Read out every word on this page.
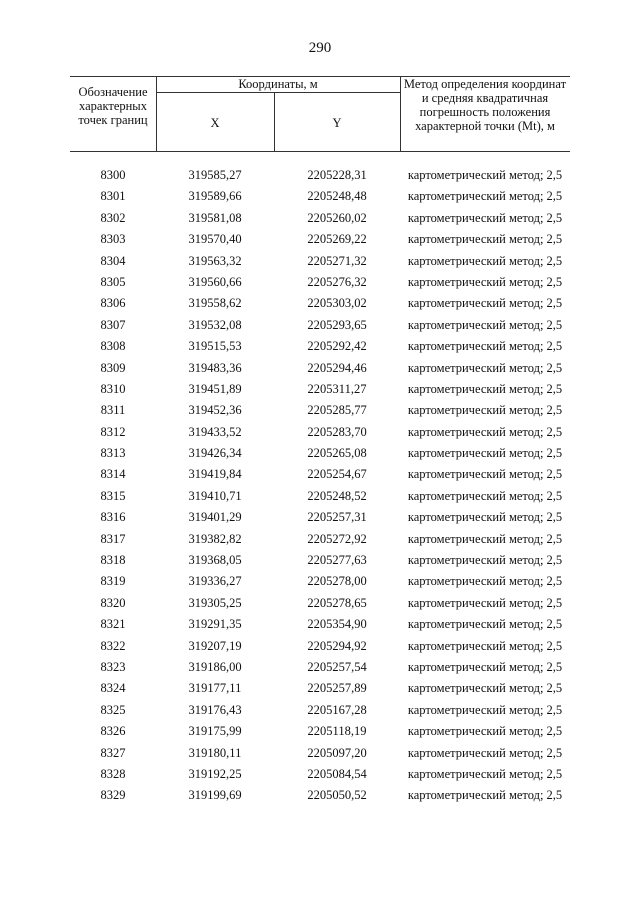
290
Обозначение характерных точек границ
Координаты, м
X	Y
Метод определения координат и средняя квадратичная погрешность положения характерной точки (Mt), м
8300	319585,27	2205228,31	картометрический метод; 2,5
8301	319589,66	2205248,48	картометрический метод; 2,5
8302	319581,08	2205260,02	картометрический метод; 2,5
8303	319570,40	2205269,22	картометрический метод; 2,5
8304	319563,32	2205271,32	картометрический метод; 2,5
8305	319560,66	2205276,32	картометрический метод; 2,5
8306	319558,62	2205303,02	картометрический метод; 2,5
8307	319532,08	2205293,65	картометрический метод; 2,5
8308	319515,53	2205292,42	картометрический метод; 2,5
8309	319483,36	2205294,46	картометрический метод; 2,5
8310	319451,89	2205311,27	картометрический метод; 2,5
8311	319452,36	2205285,77	картометрический метод; 2,5
8312	319433,52	2205283,70	картометрический метод; 2,5
8313	319426,34	2205265,08	картометрический метод; 2,5
8314	319419,84	2205254,67	картометрический метод; 2,5
8315	319410,71	2205248,52	картометрический метод; 2,5
8316	319401,29	2205257,31	картометрический метод; 2,5
8317	319382,82	2205272,92	картометрический метод; 2,5
8318	319368,05	2205277,63	картометрический метод; 2,5
8319	319336,27	2205278,00	картометрический метод; 2,5
8320	319305,25	2205278,65	картометрический метод; 2,5
8321	319291,35	2205354,90	картометрический метод; 2,5
8322	319207,19	2205294,92	картометрический метод; 2,5
8323	319186,00	2205257,54	картометрический метод; 2,5
8324	319177,11	2205257,89	картометрический метод; 2,5
8325	319176,43	2205167,28	картометрический метод; 2,5
8326	319175,99	2205118,19	картометрический метод; 2,5
8327	319180,11	2205097,20	картометрический метод; 2,5
8328	319192,25	2205084,54	картометрический метод; 2,5
8329	319199,69	2205050,52	картометрический метод; 2,5
